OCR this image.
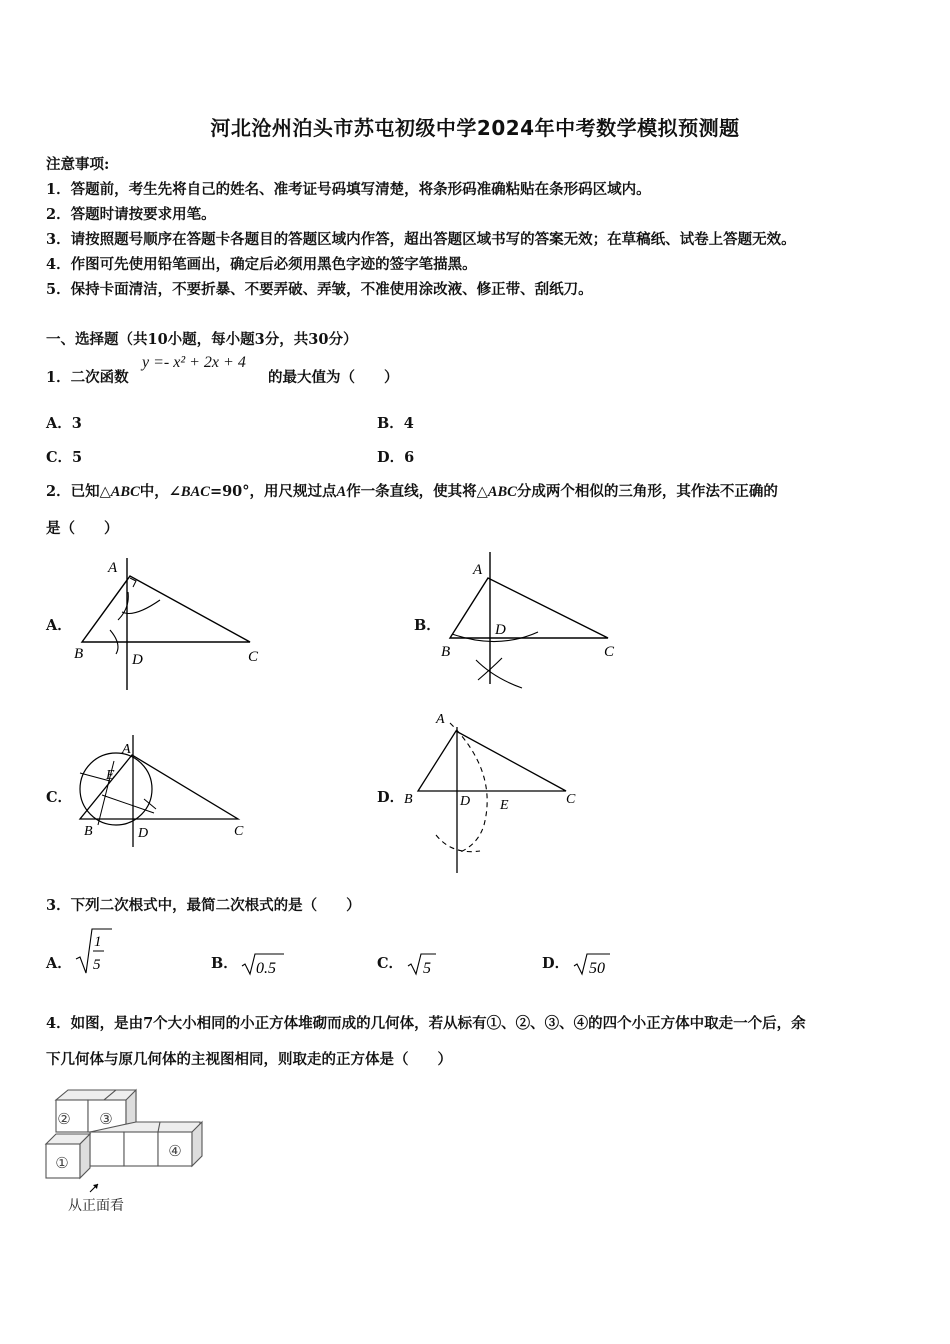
河北沧州泊头市苏屯初级中学2024年中考数学模拟预测题
注意事项:
1．答题前，考生先将自己的姓名、准考证号码填写清楚，将条形码准确粘贴在条形码区域内。
2．答题时请按要求用笔。
3．请按照题号顺序在答题卡各题目的答题区域内作答，超出答题区域书写的答案无效；在草稿纸、试卷上答题无效。
4．作图可先使用铅笔画出，确定后必须用黑色字迹的签字笔描黑。
5．保持卡面清洁，不要折暴、不要弄破、弄皱，不准使用涂改液、修正带、刮纸刀。
一、选择题（共10小题，每小题3分，共30分）
1．二次函数
y =- x² + 2x + 4
的最大值为（　　）
A．3	B．4
C．5	D．6
2．已知△ABC中，∠BAC=90°，用尺规过点A作一条直线，使其将△ABC分成两个相似的三角形，其作法不正确的
是（　　）
A．	B．
C．	D．
A
B	D	C
A
B
D
C
A
E
B	D	C
A
B	D E	C
3．下列二次根式中，最简二次根式的是（　　）
A．
1
5	B． 0.5	C． 5	D． 50
4．如图，是由7个大小相同的小正方体堆砌而成的几何体，若从标有①、②、③、④的四个小正方体中取走一个后，余
下几何体与原几何体的主视图相同，则取走的正方体是（　　）
② ③
④
①
从正面看
